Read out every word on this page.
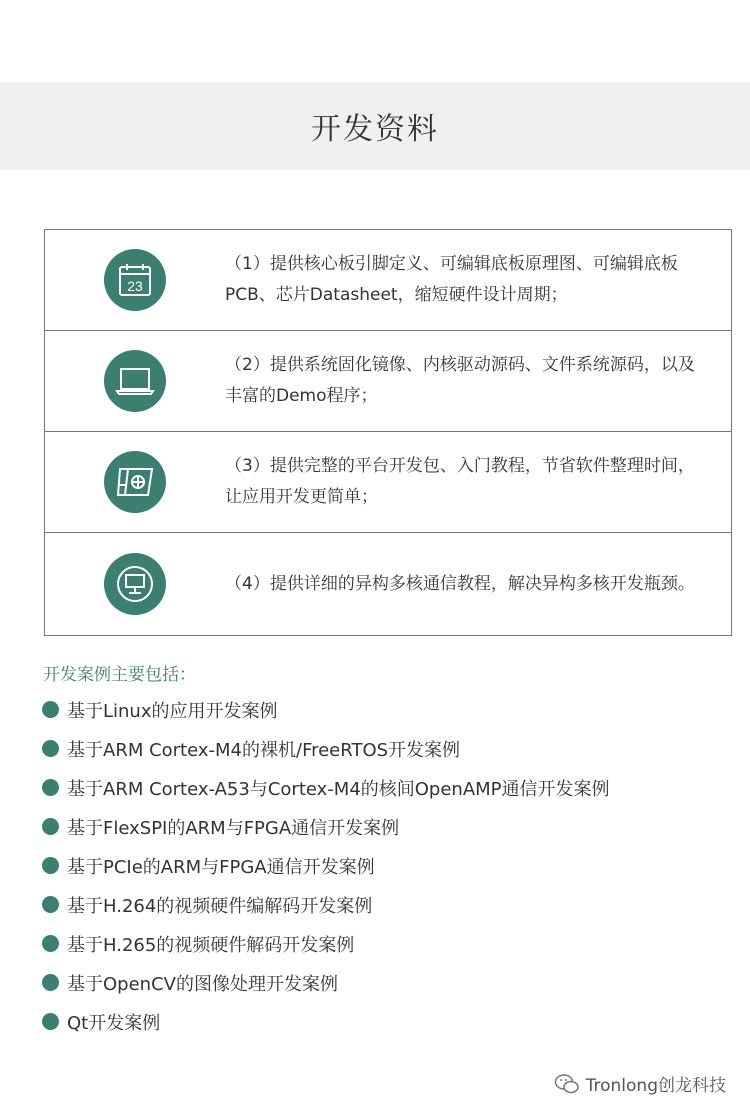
开发资料
23
（1）提供核心板引脚定义、可编辑底板原理图、可编辑底板PCB、芯片Datasheet，缩短硬件设计周期；
（2）提供系统固化镜像、内核驱动源码、文件系统源码，以及丰富的Demo程序；
（3）提供完整的平台开发包、入门教程，节省软件整理时间，让应用开发更简单；
（4）提供详细的异构多核通信教程，解决异构多核开发瓶颈。
开发案例主要包括：
基于Linux的应用开发案例
基于ARM Cortex-M4的裸机/FreeRTOS开发案例
基于ARM Cortex-A53与Cortex-M4的核间OpenAMP通信开发案例
基于FlexSPI的ARM与FPGA通信开发案例
基于PCIe的ARM与FPGA通信开发案例
基于H.264的视频硬件编解码开发案例
基于H.265的视频硬件解码开发案例
基于OpenCV的图像处理开发案例
Qt开发案例
Tronlong创龙科技
